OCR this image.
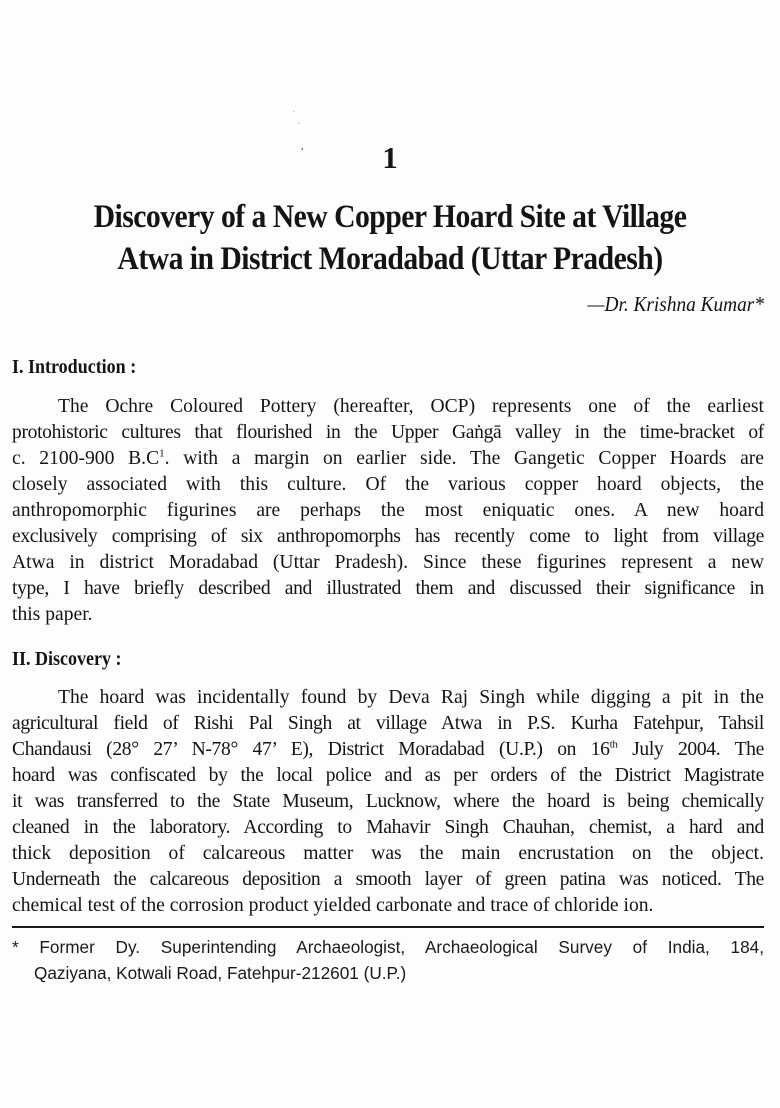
·
'
,	1
Discovery of a New Copper Hoard Site at Village
Atwa in District Moradabad (Uttar Pradesh)
—Dr. Krishna Kumar*
I. Introduction :
The Ochre Coloured Pottery (hereafter, OCP) represents one of the earliest
protohistoric cultures that flourished in the Upper Gaṅgā valley in the time-bracket of
c. 2100-900 $B.C^1$. with a margin on earlier side. The Gangetic Copper Hoards are
closely associated with this culture. Of the various copper hoard objects, the
anthropomorphic figurines are perhaps the most eniquatic ones. A new hoard
exclusively comprising of six anthropomorphs has recently come to light from village
Atwa in district Moradabad (Uttar Pradesh). Since these figurines represent a new
type, I have briefly described and illustrated them and discussed their significance in
this paper.
II. Discovery :
The hoard was incidentally found by Deva Raj Singh while digging a pit in the
agricultural field of Rishi Pal Singh at village Atwa in P.S. Kurha Fatehpur, Tahsil
Chandausi (28° 27’ N-78° 47’ E), District Moradabad (U.P.) on 16th July 2004. The
hoard was confiscated by the local police and as per orders of the District Magistrate
it was transferred to the State Museum, Lucknow, where the hoard is being chemically
cleaned in the laboratory. According to Mahavir Singh Chauhan, chemist, a hard and
thick deposition of calcareous matter was the main encrustation on the object.
Underneath the calcareous deposition a smooth layer of green patina was noticed. The
chemical test of the corrosion product yielded carbonate and trace of chloride ion.
* Former Dy. Superintending Archaeologist, Archaeological Survey of India, 184,
Qaziyana, Kotwali Road, Fatehpur-212601 (U.P.)
